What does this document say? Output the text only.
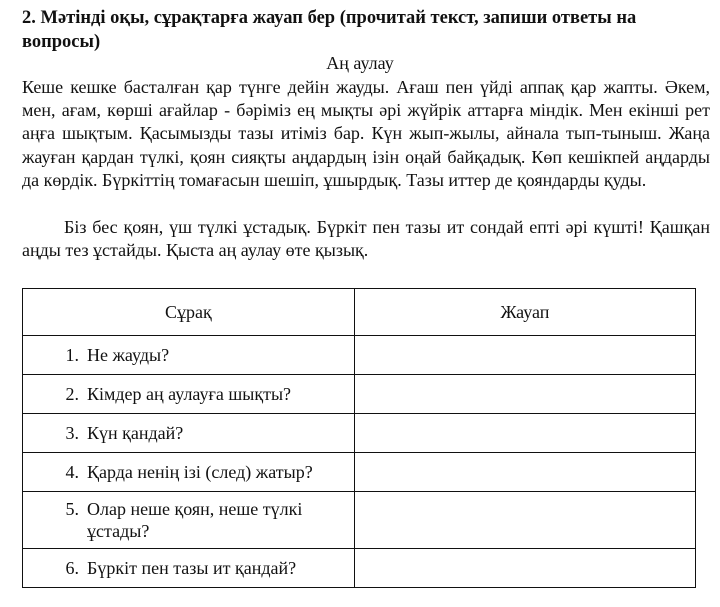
2. Мәтінді оқы, сұрақтарға жауап бер (прочитай текст, запиши ответы на вопросы)
Аң аулау

Кеше кешке басталған қар түнге дейін жауды. Ағаш пен үйді аппақ қар жапты. Әкем, мен, ағам, көрші ағайлар - бәріміз ең мықты әрі жүйрік аттарға міндік. Мен екінші рет аңға шықтым. Қасымызды тазы итіміз бар. Күн жып-жылы, айнала тып-тыныш. Жаңа жауған қардан түлкі, қоян сияқты аңдардың ізін оңай байқадық. Көп кешікпей аңдарды да көрдік. Бүркіттің томағасын шешіп, ұшырдық. Тазы иттер де қояндарды қуды.

Біз бес қоян, үш түлкі ұстадық. Бүркіт пен тазы ит сондай епті әрі күшті! Қашқан аңды тез ұстайды. Қыста аң аулау өте қызық.

Сұрақ	Жауап

1. Не жауды?	

2. Кімдер аң аулауға шықты?	

3. Күн қандай?	

4. Қарда ненің ізі (след) жатыр?	

5. Олар неше қоян, неше түлкі ұстады?	

6. Бүркіт пен тазы ит қандай?	
